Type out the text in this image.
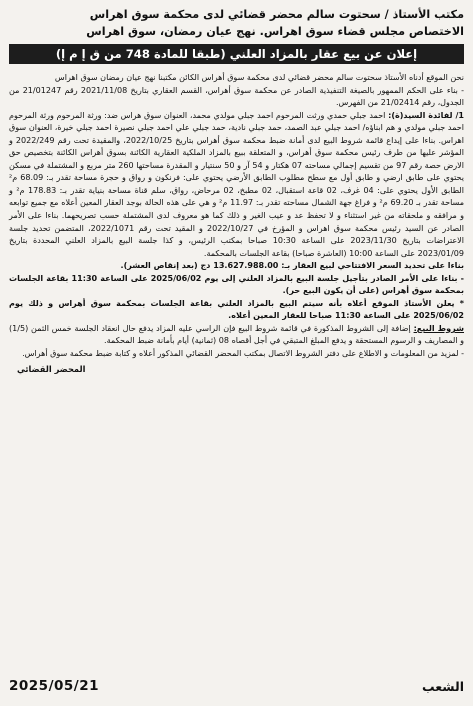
مكتب الأستاذ / سحتوت سالم محضر قضائي لدى محكمة سوق اهراس
الاختصاص مجلس قضاء سوق اهراس. نهج عيان رمضان، سوق اهراس
إعلان عن بيع عقار بالمزاد العلني (طبقا للمادة 748 من ق إ م إ)

نحن الموقع أدناه الأستاذ سحتوت سالم محضر قضائي لدى محكمة سوق أهراس الكائن مكتبنا نهج عيان رمضان سوق اهراس

- بناء على الحكم الممهور بالصيغة التنفيذية الصادر عن محكمة سوق أهراس، القسم العقاري بتاريخ 2021/11/08 رقم 21/01247 من الجدول، رقم 21/02414 من الفهرس.

1/ لفائدة السيد(ة): احمد جبلي حمدي ورثت المرحوم احمد جبلي مولدي محمد، العنوان سوق هراس ضد: ورثة المرحوم ورثة المرحوم احمد جبلي مولدي و هم ابناؤه/ احمد جبلي عبد الصمد، حمد جبلي نادية، حمد جبلي علي احمد جبلي نصيرة احمد جبلي خيرة، العنوان سوق اهراس. بناءا على إيداع قائمة شروط البيع لدى أمانة ضبط محكمة سوق أهراس بتاريخ 2022/10/25، والمقيدة تحت رقم 2022/249 و المؤشر عليها من طرف رئيس محكمة سوق أهراس، و المتعلقة ببيع بالمزاد الملكية العقارية الكائنة بسوق أهراس الكائنة بتخصيص حق الارض حصة رقم 97 من تقسيم إجمالي مساحته 07 هكتار و 54 آر و 50 سنتيار و المقدرة مساحتها 260 متر مربع و المشتملة في مسكن يحتوي على طابق ارضي و طابق أول مع سطح مطلوب الطابق الأرضي يحتوي على: فرنكون و رواق و حجرة مساحة تقدر بـ: 68.09 م² الطابق الأول يحتوي على: 04 غرف، 02 قاعة استقبال، 02 مطبخ، 02 مرحاض، رواق، سلم قناة مساحة بنياية تقدر بـ: 178.83 م² و مساحة تقدر بـ 69.20 م² و فراغ جهة الشمال مساحته تقدر بـ: 11.97 م² و هي على هذه الحالة بوجد العقار المعين أعلاه مع جميع توابعه و مرافقه و ملحقاته من غير استثناء و لا تحفظ عد و عيب الغير و ذلك كما هو معروف لدى المشتملة حسب تصريحهما. بناءا على الأمر الصادر عن السيد رئيس محكمة سوق اهراس و المؤرخ في 2022/10/27 و المقيد تحت رقم 2022/1071، المتضمن تحديد جلسة الاعتراضات بتاريخ 2023/11/30 على الساعة 10:30 صباحا بمكتب الرئيس، و كذا جلسة البيع بالمزاد العلني المحددة بتاريخ 2023/01/09 على الساعة 10:00 (العاشرة صباحا) بقاعة الجلسات بالمحكمة.

بناءا على تحديد السعر الافتتاحي لبيع العقار بـ: 13.627.988.00 دج (بعد إنقاص العشر).

- بناءا على الأمر الصادر بتأجيل جلسة البيع بالمزاد العلني إلى يوم 2025/06/02 على الساعة 11:30 بقاعة الجلسات بمحكمة سوق أهراس (على أن يكون البيع حر).

* يعلن الأستاذ الموقع أعلاه بأنه سيتم البيع بالمزاد العلني بقاعة الجلسات بمحكمة سوق أهراس و ذلك يوم 2025/06/02 على الساعة 11:30 صباحا للعقار المعين أعلاه.

شروط البيع: إضافة إلى الشروط المذكورة في قائمة شروط البيع فإن الراسي عليه المزاد يدفع حال انعقاد الجلسة خمس الثمن (1/5) و المصاريف و الرسوم المستحقة و يدفع المبلغ المتبقي في أجل أقصاه 08 (ثمانية) أيام بأمانة ضبط المحكمة.

- لمزيد من المعلومات و الاطلاع على دفتر الشروط الاتصال بمكتب المحضر القضائي المذكور أعلاه و كتابة ضبط محكمة سوق أهراس.

المحضر القضائي
2025/05/21	الشعب
